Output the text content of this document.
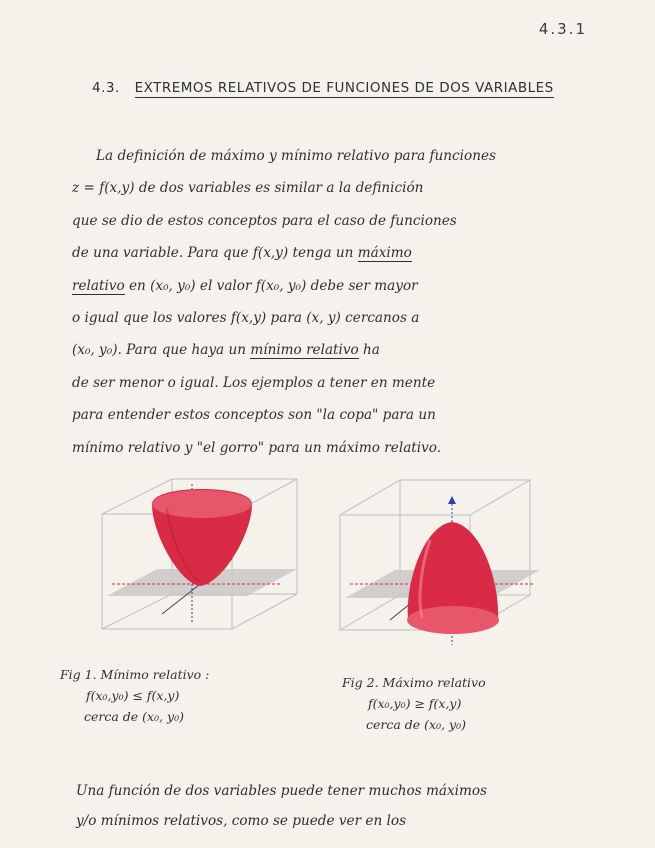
4.3.1
4.3. EXTREMOS RELATIVOS DE FUNCIONES DE DOS VARIABLES
La definición de máximo y mínimo relativo para funciones
z = f(x,y) de dos variables es similar a la definición
que se dio de estos conceptos para el caso de funciones
de una variable. Para que f(x,y) tenga un máximo
relativo en (x₀, y₀) el valor f(x₀, y₀) debe ser mayor
o igual que los valores f(x,y) para (x, y) cercanos a
(x₀, y₀). Para que haya un mínimo relativo ha
de ser menor o igual. Los ejemplos a tener en mente
para entender estos conceptos son "la copa" para un
mínimo relativo y "el gorro" para un máximo relativo.
Fig 1. Mínimo relativo :
f(x₀,y₀) ≤ f(x,y)
cerca de (x₀, y₀)
Fig 2. Máximo relativo
f(x₀,y₀) ≥ f(x,y)
cerca de (x₀, y₀)
Una función de dos variables puede tener muchos máximos
y/o mínimos relativos, como se puede ver en los
